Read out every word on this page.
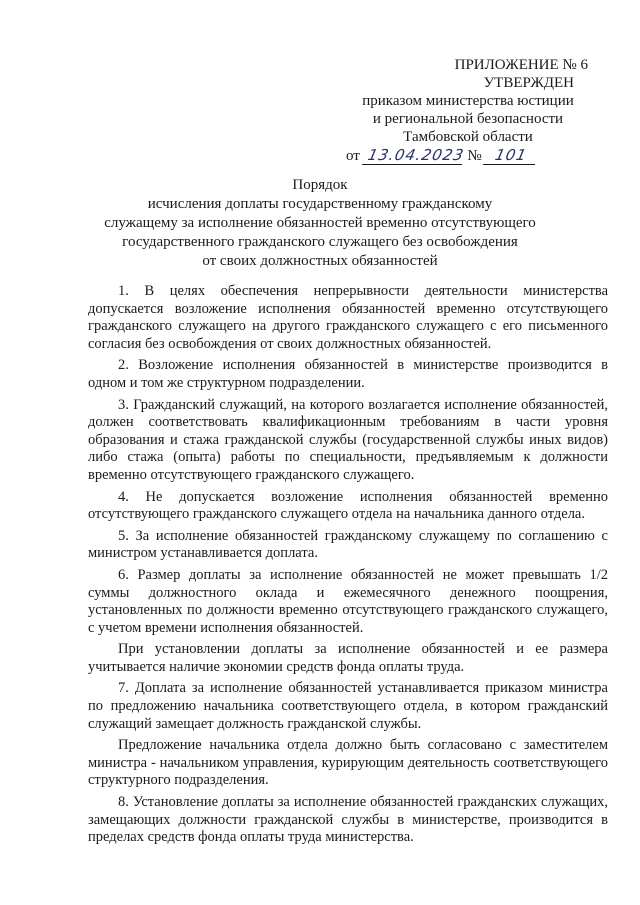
ПРИЛОЖЕНИЕ № 6
УТВЕРЖДЕН
приказом министерства юстиции
и региональной безопасности
Тамбовской области
от 13.04.2023 № 101
Порядок
исчисления доплаты государственному гражданскому
служащему за исполнение обязанностей временно отсутствующего
государственного гражданского служащего без освобождения
от своих должностных обязанностей

1. В целях обеспечения непрерывности деятельности министерства допускается возложение исполнения обязанностей временно отсутствующего гражданского служащего на другого гражданского служащего с его письменного согласия без освобождения от своих должностных обязанностей.

2. Возложение исполнения обязанностей в министерстве производится в одном и том же структурном подразделении.

3. Гражданский служащий, на которого возлагается исполнение обязанностей, должен соответствовать квалификационным требованиям в части уровня образования и стажа гражданской службы (государственной службы иных видов) либо стажа (опыта) работы по специальности, предъявляемым к должности временно отсутствующего гражданского служащего.

4. Не допускается возложение исполнения обязанностей временно отсутствующего гражданского служащего отдела на начальника данного отдела.

5. За исполнение обязанностей гражданскому служащему по соглашению с министром устанавливается доплата.

6. Размер доплаты за исполнение обязанностей не может превышать 1/2 суммы должностного оклада и ежемесячного денежного поощрения, установленных по должности временно отсутствующего гражданского служащего, с учетом времени исполнения обязанностей.

При установлении доплаты за исполнение обязанностей и ее размера учитывается наличие экономии средств фонда оплаты труда.

7. Доплата за исполнение обязанностей устанавливается приказом министра по предложению начальника соответствующего отдела, в котором гражданский служащий замещает должность гражданской службы.

Предложение начальника отдела должно быть согласовано с заместителем министра - начальником управления, курирующим деятельность соответствующего структурного подразделения.

8. Установление доплаты за исполнение обязанностей гражданских служащих, замещающих должности гражданской службы в министерстве, производится в пределах средств фонда оплаты труда министерства.
